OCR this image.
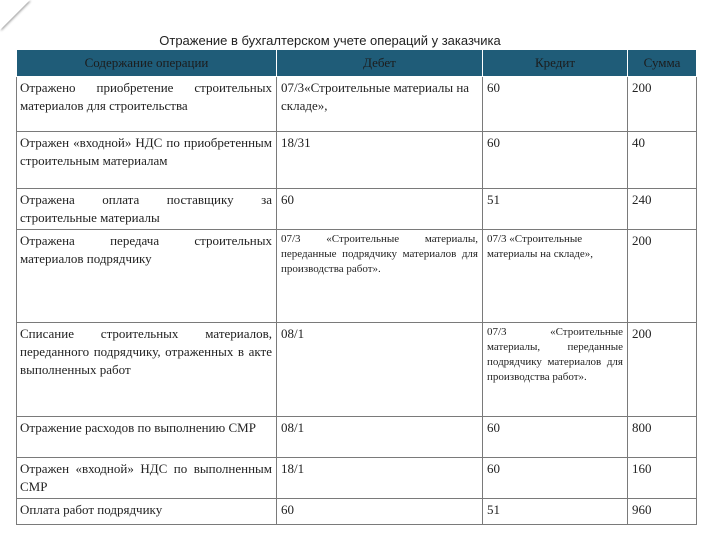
Отражение в бухгалтерском учете операций у заказчика
Содержание операции	Дебет	Кредит	Сумма
Отражено приобретение строительных материалов для строительства	07/3«Строительные материалы на складе»,	60	200
Отражен «входной» НДС по приобретенным строительным материалам	18/31	60	40
Отражена оплата поставщику за строительные материалы	60	51	240
Отражена передача строительных материалов подрядчику	07/3 «Строительные материалы, переданные подрядчику материалов для производства работ».	07/3 «Строительные материалы на складе»,	200
Списание строительных материалов, переданного подрядчику, отраженных в акте выполненных работ	08/1	07/3 «Строительные материалы, переданные подрядчику материалов для производства работ».	200
Отражение расходов по выполнению СМР	08/1	60	800
Отражен «входной» НДС по выполненным СМР	18/1	60	160
Оплата работ подрядчику	60	51	960
